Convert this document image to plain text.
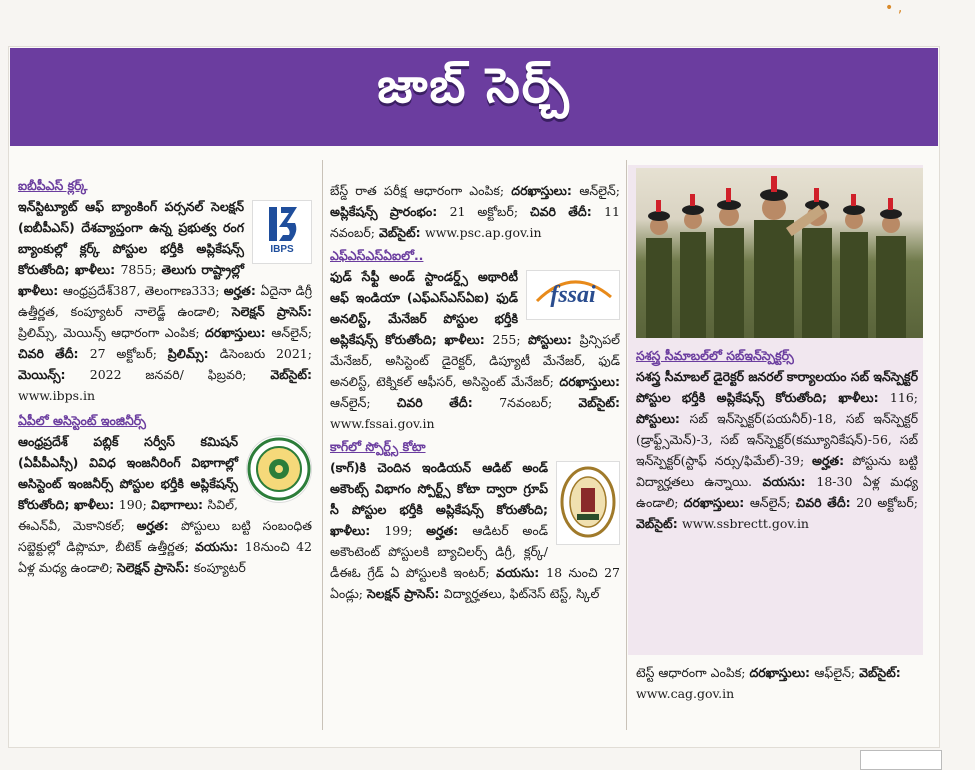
• ‚
జాబ్ సెర్చ్
ఐబీపీఎస్ క్లర్క్
IBPS
ఇన్‌స్టిట్యూట్ ఆఫ్ బ్యాంకింగ్ పర్సనల్ సెలక్షన్ (ఐబీపీఎస్) దేశవ్యాప్తంగా ఉన్న ప్రభుత్వ రంగ బ్యాంకుల్లో క్లర్క్ పోస్టుల భర్తీకి అప్లికేషన్స్ కోరుతోంది; ఖాళీలు: 7855; తెలుగు రాష్ట్రాల్లో ఖాళీలు: ఆంధ్రప్రదేశ్387, తెలంగాణ333; అర్హత: ఏదైనా డిగ్రీ ఉత్తీర్ణత, కంప్యూటర్ నాలెడ్జ్ ఉండాలి; సెలెక్షన్ ప్రాసెస్: ప్రిలిమ్స్, మెయిన్స్ ఆధారంగా ఎంపిక; దరఖాస్తు‌లు: ఆన్‌లైన్; చివరి తేదీ: 27 అక్టోబర్; ప్రిలిమ్స్: డిసెంబరు 2021; మెయిన్స్: 2022 జనవరి/ ఫిబ్రవరి; వెబ్‌సైట్: www.ibps.in
ఏపీలో అసిస్టెంట్ ఇంజినీర్స్
ఆంధ్రప్రదేశ్ పబ్లిక్ సర్వీస్ కమిషన్ (ఏపీపీఎస్సీ) వివిధ ఇంజనీరింగ్ విభాగాల్లో అసిస్టెంట్ ఇంజనీర్స్ పోస్టుల భర్తీకి అప్లికేషన్స్ కోరుతోంది; ఖాళీలు: 190; విభాగాలు: సివిల్, ఈఎన్‌వీ, మెకానికల్; అర్హత: పోస్టులు బట్టి సంబంధిత సబ్జెక్టుల్లో డిప్లొమా, బీటెక్ ఉత్తీర్ణత; వయసు: 18నుంచి 42 ఏళ్ల మధ్య ఉండాలి; సెలెక్షన్ ప్రాసెస్: కంప్యూటర్
బేస్డ్ రాత పరీక్ష ఆధారంగా ఎంపిక; దరఖాస్తు‌లు: ఆన్‌లైన్; అప్లికేషన్స్ ప్రారంభం: 21 అక్టోబర్; చివరి తేదీ: 11 నవంబర్; వెబ్‌సైట్: www.psc.ap.gov.in
ఎఫ్ఎస్ఎస్ఏఐలో..
fssai
ఫుడ్ సేఫ్టీ అండ్ స్టాండర్డ్స్ అథారిటీ ఆఫ్ ఇండియా (ఎఫ్ఎస్ఎస్ఏఐ) ఫుడ్ అనలిస్ట్, మేనేజర్ పోస్టుల భర్తీకి అప్లికేషన్స్ కోరుతోంది; ఖాళీలు: 255; పోస్టులు: ప్రిన్సిపల్ మేనేజర్, అసిస్టెంట్ డైరెక్టర్, డిప్యూటీ మేనేజర్, ఫుడ్ అనలిస్ట్, టెక్నికల్ ఆఫీసర్, అసిస్టెంట్ మేనేజర్; దరఖాస్తులు: ఆన్‌లైన్; చివరి తేదీ: 7నవంబర్; వెబ్‌సైట్: www.fssai.gov.in
కాగ్‌లో స్పోర్ట్స్ కోటా
(కాగ్)కి చెందిన ఇండియన్ ఆడిట్ అండ్ అకౌంట్స్ విభాగం స్పోర్ట్స్ కోటా ద్వారా గ్రూప్ సీ పోస్టుల భర్తీకి అప్లికేషన్స్ కోరుతోంది; ఖాళీలు: 199; అర్హత: ఆడిటర్ అండ్ అకౌంటెంట్ పోస్టులకి బ్యాచిలర్స్ డిగ్రీ, క్లర్క్/ డీఈఓ గ్రేడ్ ఏ పోస్టులకి ఇంటర్; వయసు: 18 నుంచి 27 ఏండ్లు; సెలక్షన్ ప్రాసెస్: విద్యార్హతలు, ఫిట్‌నెస్ టెస్ట్, స్కిల్
సశస్త్ర సీమాబల్‌లో సబ్ఇన్‌స్పెక్టర్స్
సశస్త్ర సీమాబల్ డైరెక్టర్ జనరల్ కార్యాలయం సబ్ ఇన్‌స్పెక్టర్ పోస్టుల భర్తీకి అప్లికేషన్స్ కోరుతోంది; ఖాళీలు: 116; పోస్టులు: సబ్ ఇన్‌స్పెక్టర్(పయనీర్)-18, సబ్ ఇన్‌స్పెక్టర్ (డ్రాఫ్ట్స్‌మెన్)-3, సబ్ ఇన్‌స్పెక్టర్(కమ్యూనికేషన్)-56, సబ్ ఇన్‌స్పెక్టర్(స్టాఫ్ నర్సు/ఫిమేల్)-39; అర్హత: పోస్టును బట్టి విద్యార్హతలు ఉన్నాయి. వయసు: 18-30 ఏళ్ల మధ్య ఉండాలి; దరఖాస్తులు: ఆన్‌లైన్; చివరి తేదీ: 20 అక్టోబర్; వెబ్‌సైట్: www.ssbrectt.gov.in
టెస్ట్ ఆధారంగా ఎంపిక; దరఖాస్తులు: ఆఫ్‌లైన్; వెబ్‌సైట్: www.cag.gov.in
